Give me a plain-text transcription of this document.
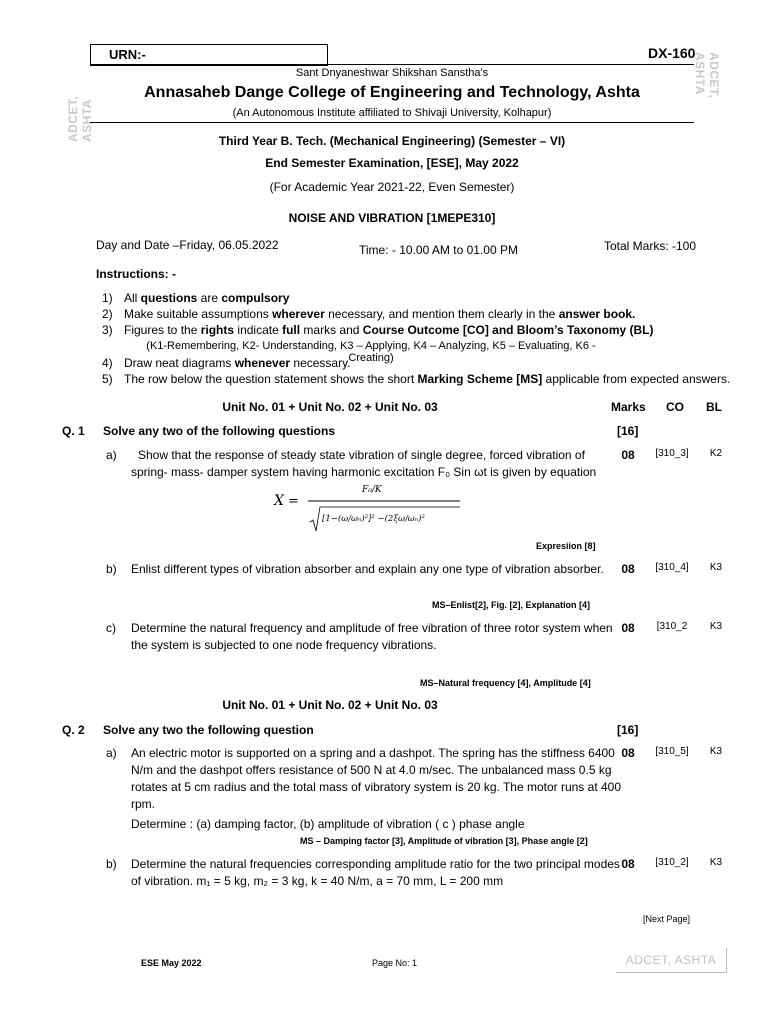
ADCET, ASHTA
ADCET, ASHTA
URN:-	DX-160
Sant Dnyaneshwar Shikshan Sanstha's
Annasaheb Dange College of Engineering and Technology, Ashta
(An Autonomous Institute affiliated to Shivaji University, Kolhapur)
Third Year B. Tech. (Mechanical Engineering) (Semester – VI)
End Semester Examination, [ESE], May 2022
(For Academic Year 2021-22, Even Semester)
NOISE AND VIBRATION [1MEPE310]
Day and Date –Friday, 06.05.2022	Time: - 10.00 AM to 01.00 PM	Total Marks: -100
Instructions: -
1) All questions are compulsory
2) Make suitable assumptions wherever necessary, and mention them clearly in the answer book.
3) Figures to the rights indicate full marks and Course Outcome [CO] and Bloom’s Taxonomy (BL)
(K1-Remembering, K2- Understanding, K3 – Applying, K4 – Analyzing, K5 – Evaluating, K6 - Creating)
4) Draw neat diagrams whenever necessary.
5) The row below the question statement shows the short Marking Scheme [MS] applicable from expected answers.
Unit No. 01 + Unit No. 02 + Unit No. 03	Marks CO BL
Q. 1 Solve any two of the following questions	[16]
a) Show that the response of steady state vibration of single degree, forced vibration of
spring- mass- damper system having harmonic excitation F₀ Sin ωt is given by equation
08	[310_3]	K2
X =
F₀/K
[1−(ω/ωₙ)²]² −(2ξω/ωₙ)²
Expresiion [8]
b) Enlist different types of vibration absorber and explain any one type of vibration absorber.	08	[310_4]	K3
MS–Enlist[2], Fig. [2], Explanation [4]
c) Determine the natural frequency and amplitude of free vibration of three rotor system when
the system is subjected to one node frequency vibrations.
08	[310_2	K3
MS–Natural frequency [4], Amplitude [4]
Unit No. 01 + Unit No. 02 + Unit No. 03
Q. 2 Solve any two the following question	[16]
a) An electric motor is supported on a spring and a dashpot. The spring has the stiffness 6400
N/m and the dashpot offers resistance of 500 N at 4.0 m/sec. The unbalanced mass 0.5 kg
rotates at 5 cm radius and the total mass of vibratory system is 20 kg. The motor runs at 400
rpm.
Determine : (a) damping factor, (b) amplitude of vibration ( c ) phase angle
08	[310_5]	K3
MS – Damping factor [3], Amplitude of vibration [3], Phase angle [2]
b) Determine the natural frequencies corresponding amplitude ratio for the two principal modes
of vibration. m₁ = 5 kg, m₂ = 3 kg, k = 40 N/m, a = 70 mm, L = 200 mm
08	[310_2]	K3
[Next Page]
ESE May 2022	Page No: 1	ADCET, ASHTA
